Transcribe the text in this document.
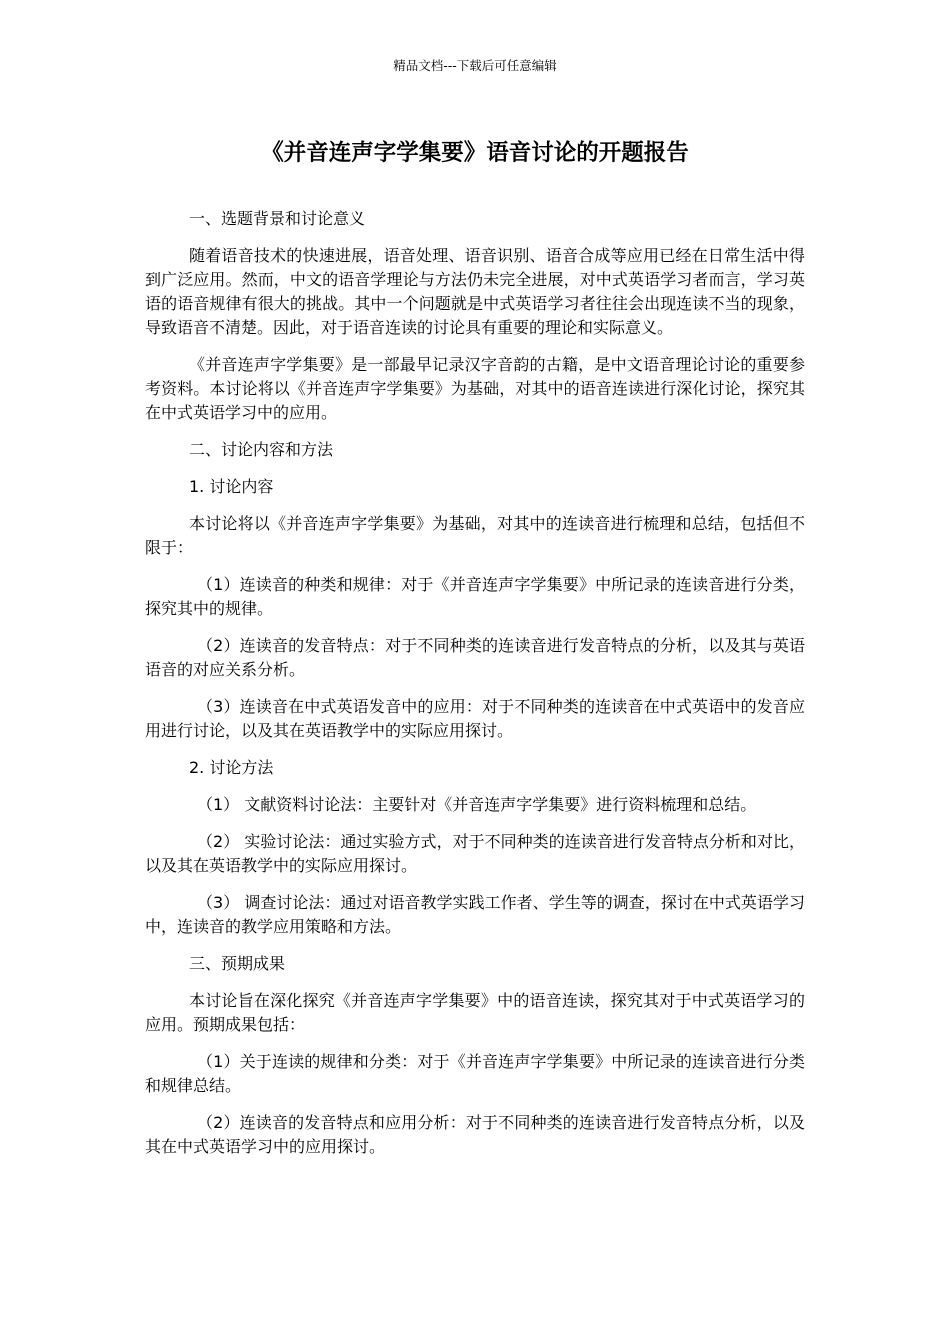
精品文档---下载后可任意编辑
《并音连声字学集要》语音讨论的开题报告

一、选题背景和讨论意义

随着语音技术的快速进展，语音处理、语音识别、语音合成等应用已经在日常生活中得到广泛应用。然而，中文的语音学理论与方法仍未完全进展，对中式英语学习者而言，学习英语的语音规律有很大的挑战。其中一个问题就是中式英语学习者往往会出现连读不当的现象，导致语音不清楚。因此，对于语音连读的讨论具有重要的理论和实际意义。

《并音连声字学集要》是一部最早记录汉字音韵的古籍，是中文语音理论讨论的重要参考资料。本讨论将以《并音连声字学集要》为基础，对其中的语音连读进行深化讨论，探究其在中式英语学习中的应用。

二、讨论内容和方法

1. 讨论内容

本讨论将以《并音连声字学集要》为基础，对其中的连读音进行梳理和总结，包括但不限于：

（1）连读音的种类和规律：对于《并音连声字学集要》中所记录的连读音进行分类，探究其中的规律。

（2）连读音的发音特点：对于不同种类的连读音进行发音特点的分析，以及其与英语语音的对应关系分析。

（3）连读音在中式英语发音中的应用：对于不同种类的连读音在中式英语中的发音应用进行讨论，以及其在英语教学中的实际应用探讨。

2. 讨论方法

（1） 文献资料讨论法：主要针对《并音连声字学集要》进行资料梳理和总结。

（2） 实验讨论法：通过实验方式，对于不同种类的连读音进行发音特点分析和对比，以及其在英语教学中的实际应用探讨。

（3） 调查讨论法：通过对语音教学实践工作者、学生等的调查，探讨在中式英语学习中，连读音的教学应用策略和方法。

三、预期成果

本讨论旨在深化探究《并音连声字学集要》中的语音连读，探究其对于中式英语学习的应用。预期成果包括：

（1）关于连读的规律和分类：对于《并音连声字学集要》中所记录的连读音进行分类和规律总结。

（2）连读音的发音特点和应用分析：对于不同种类的连读音进行发音特点分析，以及其在中式英语学习中的应用探讨。
